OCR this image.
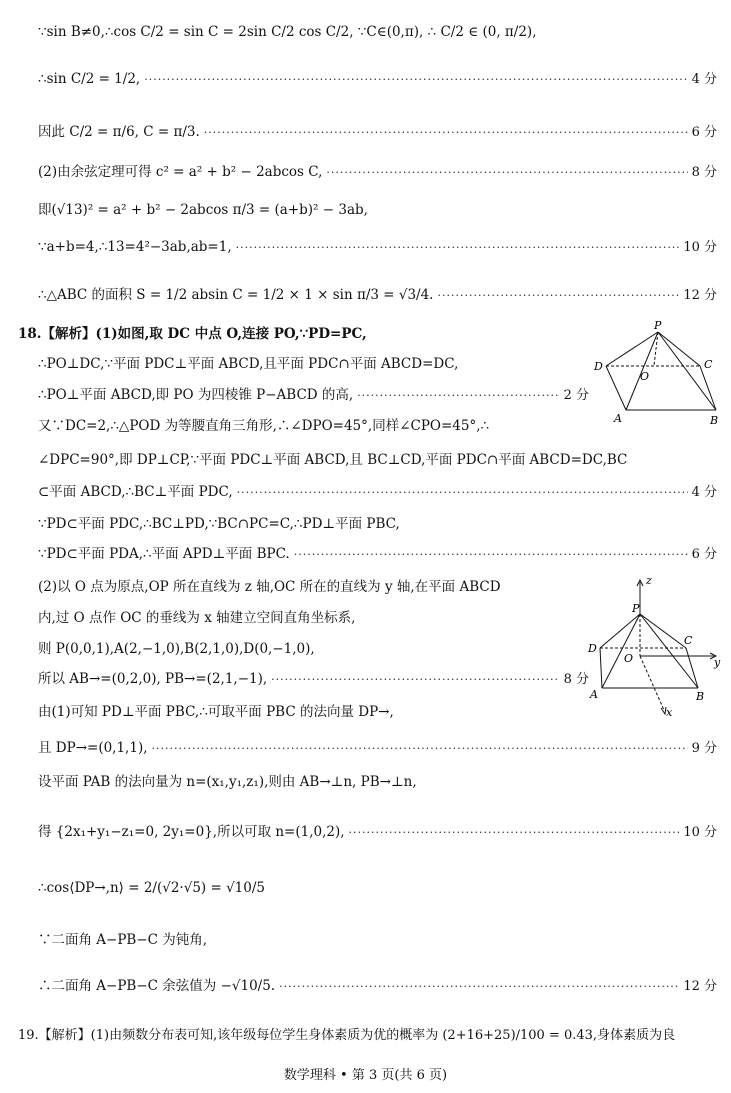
∵sin B≠0,∴cos C/2 = sin C = 2sin C/2 cos C/2, ∵C∈(0,π), ∴ C/2 ∈ (0, π/2),
∴sin C/2 = 1/2, ·····	4 分
因此 C/2 = π/6, C = π/3. ·····	6 分
(2)由余弦定理可得 c² = a² + b² − 2abcos C, ·····	8 分
即(√13)² = a² + b² − 2abcos π/3 = (a+b)² − 3ab,
∵a+b=4,∴13=4²−3ab,ab=1, ·····	10 分
∴△ABC 的面积 S = 1/2 absin C = 1/2 × 1 × sin π/3 = √3/4. ·····	12 分
18.【解析】(1)如图,取 DC 中点 O,连接 PO,∵PD=PC,
∴PO⊥DC,∵平面 PDC⊥平面 ABCD,且平面 PDC∩平面 ABCD=DC,
∴PO⊥平面 ABCD,即 PO 为四棱锥 P−ABCD 的高, ·····	2 分
又∵DC=2,∴△POD 为等腰直角三角形,∴∠DPO=45°,同样∠CPO=45°,∴
∠DPC=90°,即 DP⊥CP,∵平面 PDC⊥平面 ABCD,且 BC⊥CD,平面 PDC∩平面 ABCD=DC,BC
⊂平面 ABCD,∴BC⊥平面 PDC, ·····	4 分
∵PD⊂平面 PDC,∴BC⊥PD,∵BC∩PC=C,∴PD⊥平面 PBC,
∵PD⊂平面 PDA,∴平面 APD⊥平面 BPC. ·····	6 分
(2)以 O 点为原点,OP 所在直线为 z 轴,OC 所在的直线为 y 轴,在平面 ABCD
内,过 O 点作 OC 的垂线为 x 轴建立空间直角坐标系,
则 P(0,0,1),A(2,−1,0),B(2,1,0),D(0,−1,0),
所以 AB→=(0,2,0), PB→=(2,1,−1), ·····	8 分
由(1)可知 PD⊥平面 PBC,∴可取平面 PBC 的法向量 DP→,
且 DP→=(0,1,1), ·····	9 分
设平面 PAB 的法向量为 n=(x₁,y₁,z₁),则由 AB→⊥n, PB→⊥n,
得 {2x₁+y₁−z₁=0, 2y₁=0},所以可取 n=(1,0,2), ·····	10 分
∴cos⟨DP→,n⟩ = 2/(√2·√5) = √10/5
∵二面角 A−PB−C 为钝角,
∴二面角 A−PB−C 余弦值为 −√10/5. ·····	12 分
19.【解析】(1)由频数分布表可知,该年级每位学生身体素质为优的概率为 (2+16+25)/100 = 0.43,身体素质为良
P
D
O
C
A	B
z
P
D
O
C
y
A	B
x
数学理科 • 第 3 页(共 6 页)
